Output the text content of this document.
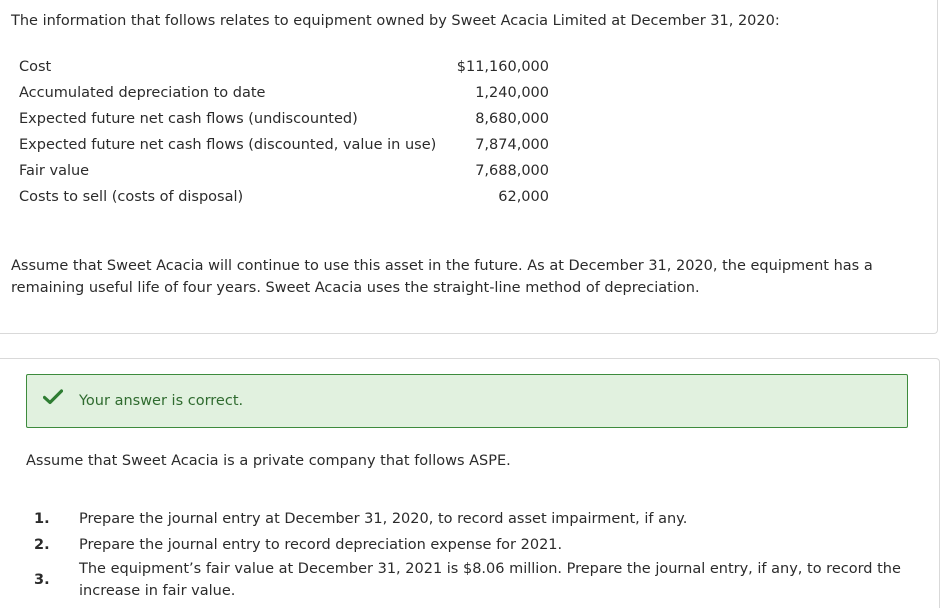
The information that follows relates to equipment owned by Sweet Acacia Limited at December 31, 2020:
Cost	$11,160,000
Accumulated depreciation to date	1,240,000
Expected future net cash flows (undiscounted)	8,680,000
Expected future net cash flows (discounted, value in use)	7,874,000
Fair value	7,688,000
Costs to sell (costs of disposal)	62,000
Assume that Sweet Acacia will continue to use this asset in the future. As at December 31, 2020, the equipment has a remaining useful life of four years. Sweet Acacia uses the straight-line method of depreciation.
Your answer is correct.
Assume that Sweet Acacia is a private company that follows ASPE.
1.	Prepare the journal entry at December 31, 2020, to record asset impairment, if any.
2.	Prepare the journal entry to record depreciation expense for 2021.
3.
The equipment’s fair value at December 31, 2021 is $8.06 million. Prepare the journal entry, if any, to record the increase in fair value.
